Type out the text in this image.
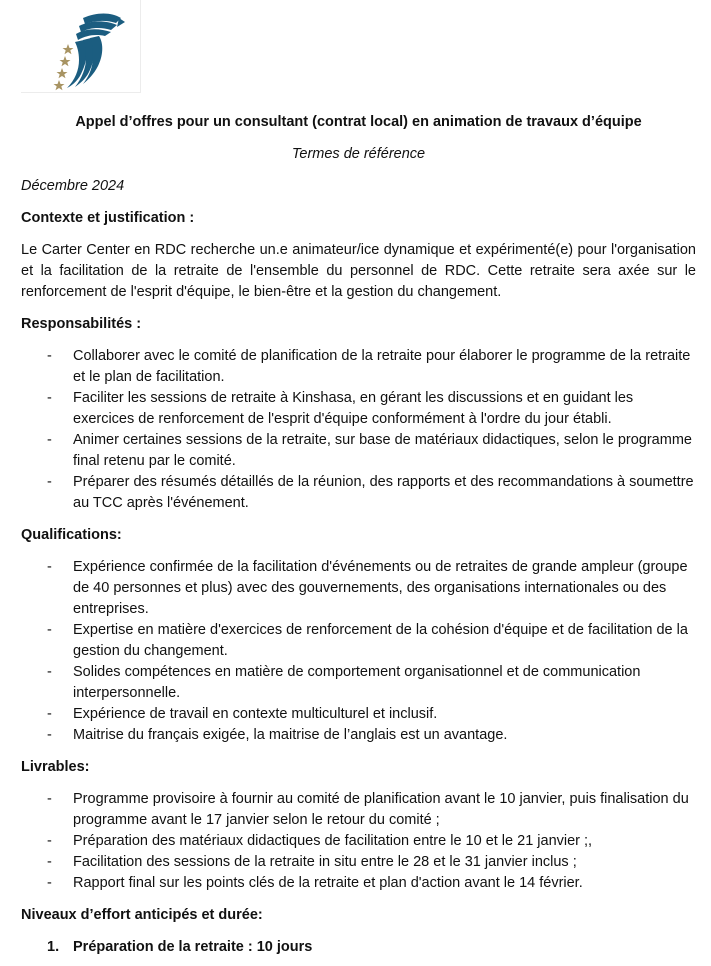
Appel d’offres pour un consultant (contrat local) en animation de travaux d’équipe
Termes de référence
Décembre 2024
Contexte et justification :
Le Carter Center en RDC recherche un.e animateur/ice dynamique et expérimenté(e) pour l'organisation et la facilitation de la retraite de l'ensemble du personnel de RDC. Cette retraite sera axée sur le renforcement de l'esprit d'équipe, le bien-être et la gestion du changement.
Responsabilités :
- Collaborer avec le comité de planification de la retraite pour élaborer le programme de la retraite et le plan de facilitation.
- Faciliter les sessions de retraite à Kinshasa, en gérant les discussions et en guidant les exercices de renforcement de l'esprit d'équipe conformément à l'ordre du jour établi.
- Animer certaines sessions de la retraite, sur base de matériaux didactiques, selon le programme final retenu par le comité.
- Préparer des résumés détaillés de la réunion, des rapports et des recommandations à soumettre au TCC après l'événement.
Qualifications:
- Expérience confirmée de la facilitation d'événements ou de retraites de grande ampleur (groupe de 40 personnes et plus) avec des gouvernements, des organisations internationales ou des entreprises.
- Expertise en matière d'exercices de renforcement de la cohésion d'équipe et de facilitation de la gestion du changement.
- Solides compétences en matière de comportement organisationnel et de communication interpersonnelle.
- Expérience de travail en contexte multiculturel et inclusif.
- Maitrise du français exigée, la maitrise de l’anglais est un avantage.
Livrables:
- Programme provisoire à fournir au comité de planification avant le 10 janvier, puis finalisation du programme avant le 17 janvier selon le retour du comité ;
- Préparation des matériaux didactiques de facilitation entre le 10 et le 21 janvier ;,
- Facilitation des sessions de la retraite in situ entre le 28 et le 31 janvier inclus ;
- Rapport final sur les points clés de la retraite et plan d'action avant le 14 février.
Niveaux d’effort anticipés et durée:
1. Préparation de la retraite : 10 jours
